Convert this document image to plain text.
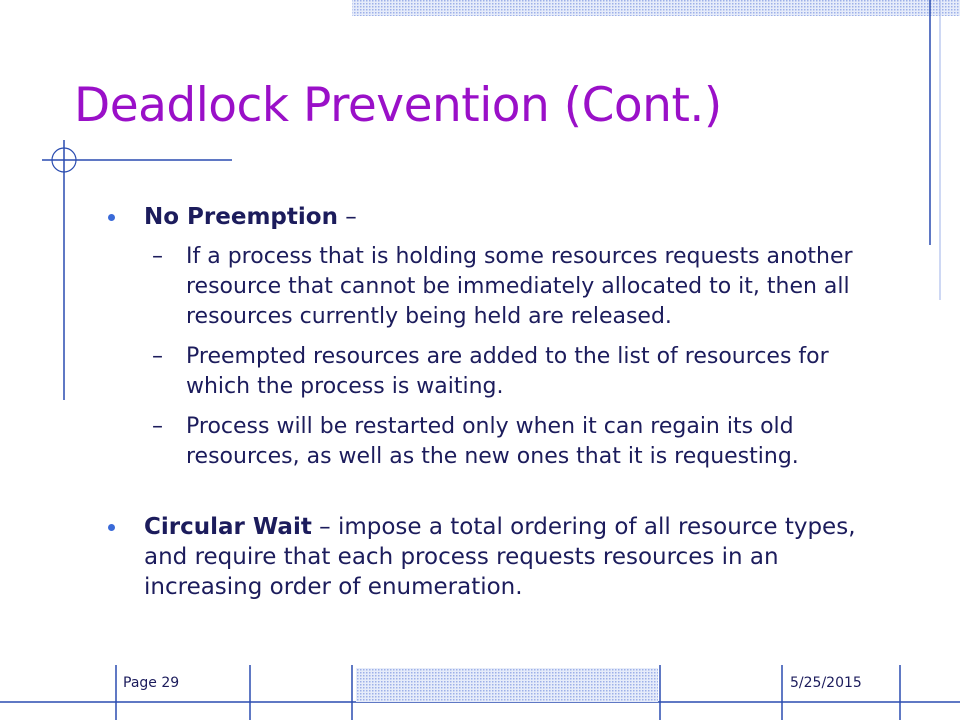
Deadlock Prevention (Cont.)
No Preemption –
– If a process that is holding some resources requests another resource that cannot be immediately allocated to it, then all resources currently being held are released.
– Preempted resources are added to the list of resources for which the process is waiting.
– Process will be restarted only when it can regain its old resources, as well as the new ones that it is requesting.
Circular Wait – impose a total ordering of all resource types, and require that each process requests resources in an increasing order of enumeration.
Page 29	5/25/2015
